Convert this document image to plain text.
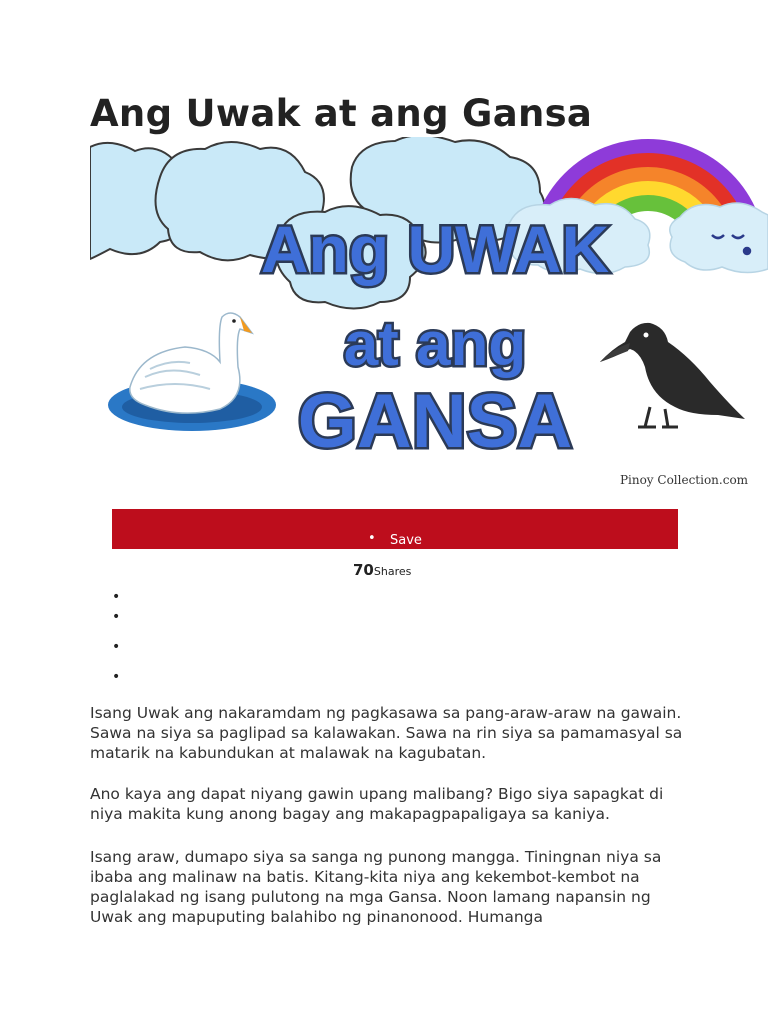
Ang Uwak at ang Gansa
Ang UWAK
at ang
GANSA
Pinoy Collection.com
• Save
70Shares
•
•
•
•

Isang Uwak ang nakaramdam ng pagkasawa sa pang-araw-araw na gawain. Sawa na siya sa paglipad sa kalawakan. Sawa na rin siya sa pamamasyal sa matarik na kabundukan at malawak na kagubatan.

Ano kaya ang dapat niyang gawin upang malibang? Bigo siya sapagkat di niya makita kung anong bagay ang makapagpapaligaya sa kaniya.

Isang araw, dumapo siya sa sanga ng punong mangga. Tiningnan niya sa ibaba ang malinaw na batis. Kitang-kita niya ang kekembot-kembot na paglalakad ng isang pulutong na mga Gansa. Noon lamang napansin ng Uwak ang mapuputing balahibo ng pinanonood. Humanga
